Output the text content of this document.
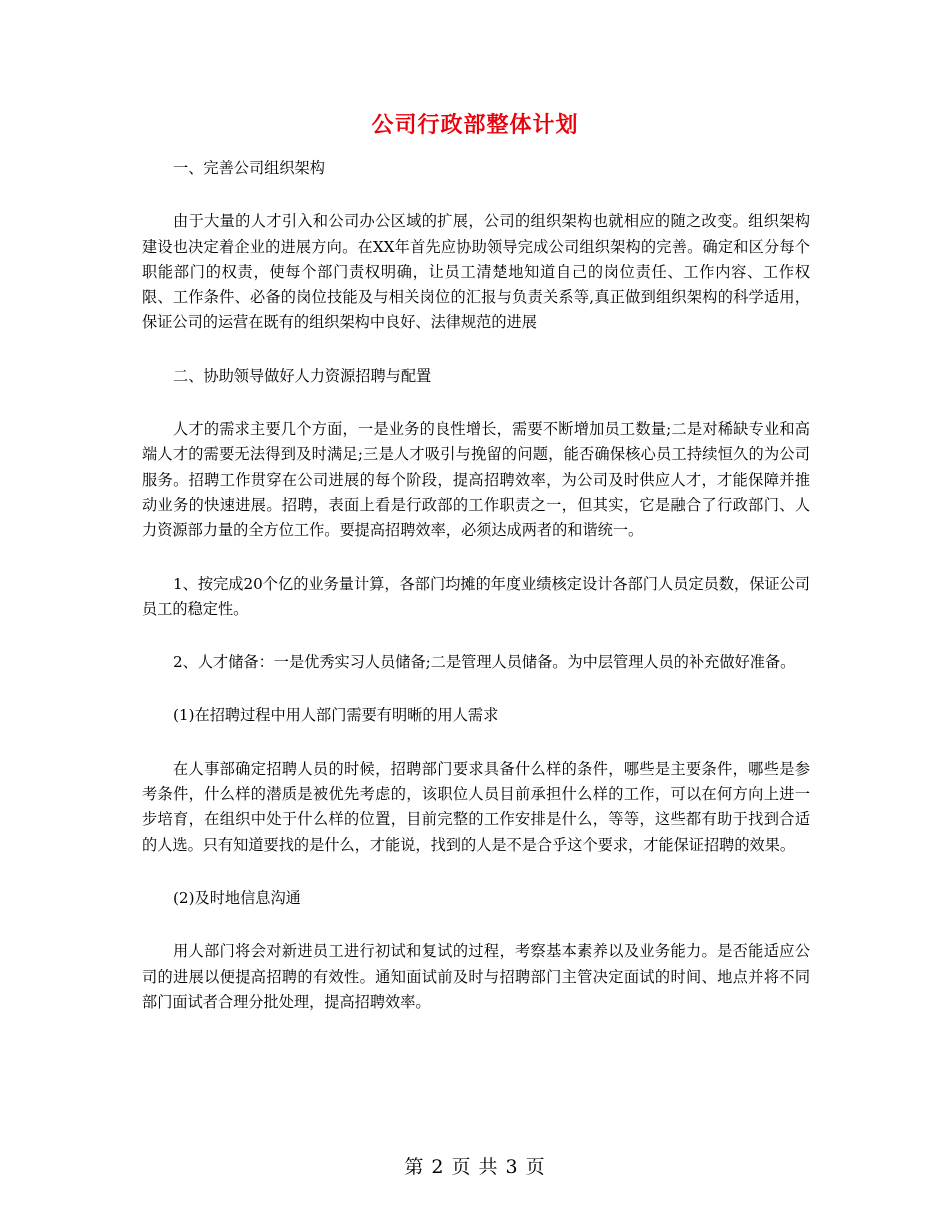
公司行政部整体计划

一、完善公司组织架构

由于大量的人才引入和公司办公区域的扩展，公司的组织架构也就相应的随之改变。组织架构建设也决定着企业的进展方向。在XX年首先应协助领导完成公司组织架构的完善。确定和区分每个职能部门的权责，使每个部门责权明确，让员工清楚地知道自己的岗位责任、工作内容、工作权限、工作条件、必备的岗位技能及与相关岗位的汇报与负责关系等,真正做到组织架构的科学适用，保证公司的运营在既有的组织架构中良好、法律规范的进展

二、协助领导做好人力资源招聘与配置

人才的需求主要几个方面，一是业务的良性增长，需要不断增加员工数量;二是对稀缺专业和高端人才的需要无法得到及时满足;三是人才吸引与挽留的问题，能否确保核心员工持续恒久的为公司服务。招聘工作贯穿在公司进展的每个阶段，提高招聘效率，为公司及时供应人才，才能保障并推动业务的快速进展。招聘，表面上看是行政部的工作职责之一，但其实，它是融合了行政部门、人力资源部力量的全方位工作。要提高招聘效率，必须达成两者的和谐统一。

1、按完成20个亿的业务量计算，各部门均摊的年度业绩核定设计各部门人员定员数，保证公司员工的稳定性。

2、人才储备：一是优秀实习人员储备;二是管理人员储备。为中层管理人员的补充做好准备。

(1)在招聘过程中用人部门需要有明晰的用人需求

在人事部确定招聘人员的时候，招聘部门要求具备什么样的条件，哪些是主要条件，哪些是参考条件，什么样的潜质是被优先考虑的，该职位人员目前承担什么样的工作，可以在何方向上进一步培育，在组织中处于什么样的位置，目前完整的工作安排是什么，等等，这些都有助于找到合适的人选。只有知道要找的是什么，才能说，找到的人是不是合乎这个要求，才能保证招聘的效果。

(2)及时地信息沟通

用人部门将会对新进员工进行初试和复试的过程，考察基本素养以及业务能力。是否能适应公司的进展以便提高招聘的有效性。通知面试前及时与招聘部门主管决定面试的时间、地点并将不同部门面试者合理分批处理，提高招聘效率。

第 2 页 共 3 页
